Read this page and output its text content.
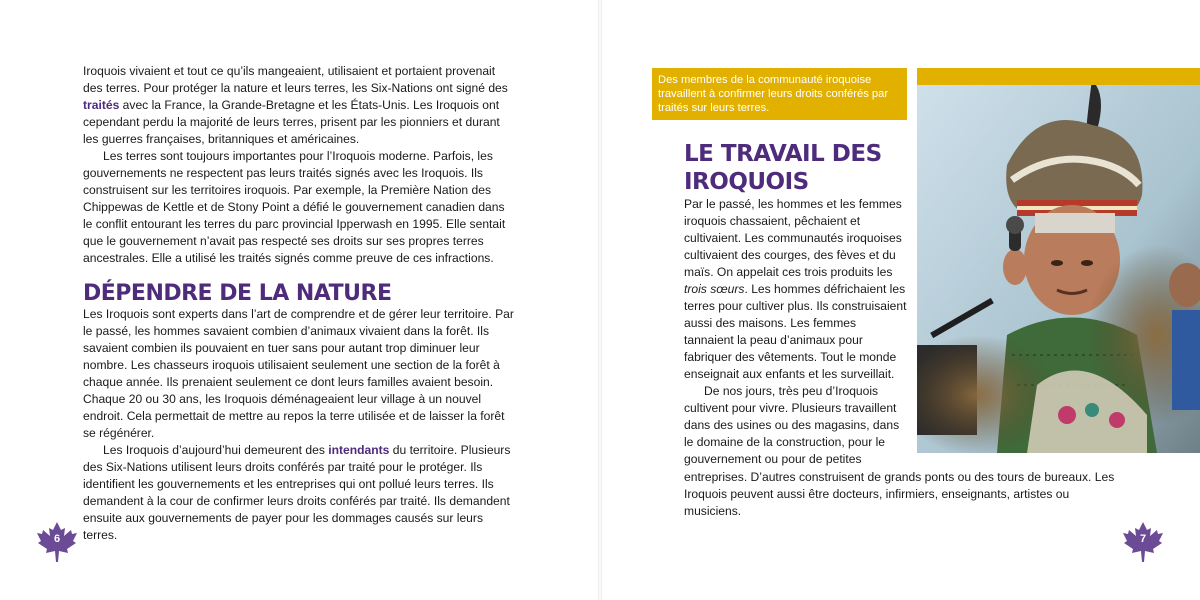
Iroquois vivaient et tout ce qu’ils mangeaient, utilisaient et portaient provenait des terres. Pour protéger la nature et leurs terres, les Six-Nations ont signé des traités avec la France, la Grande-Bretagne et les États-Unis. Les Iroquois ont cependant perdu la majorité de leurs terres, prisent par les pionniers et durant les guerres françaises, britanniques et américaines.
Les terres sont toujours importantes pour l’Iroquois moderne. Parfois, les gouvernements ne respectent pas leurs traités signés avec les Iroquois. Ils construisent sur les territoires iroquois. Par exemple, la Première Nation des Chippewas de Kettle et de Stony Point a défié le gouvernement canadien dans le conflit entourant les terres du parc provincial Ipperwash en 1995. Elle sentait que le gouvernement n’avait pas respecté ses droits sur ses propres terres ancestrales. Elle a utilisé les traités signés comme preuve de ces infractions.

DÉPENDRE DE LA NATURE

Les Iroquois sont experts dans l’art de comprendre et de gérer leur territoire. Par le passé, les hommes savaient combien d’animaux vivaient dans la forêt. Ils savaient combien ils pouvaient en tuer sans pour autant trop diminuer leur nombre. Les chasseurs iroquois utilisaient seulement une section de la forêt à chaque année. Ils prenaient seulement ce dont leurs familles avaient besoin. Chaque 20 ou 30 ans, les Iroquois déménageaient leur village à un nouvel endroit. Cela permettait de mettre au repos la terre utilisée et de laisser la forêt se régénérer.
Les Iroquois d’aujourd’hui demeurent des intendants du territoire. Plusieurs des Six-Nations utilisent leurs droits conférés par traité pour le protéger. Ils identifient les gouvernements et les entreprises qui ont pollué leurs terres. Ils demandent à la cour de confirmer leurs droits conférés par traité. Ils demandent ensuite aux gouvernements de payer pour les dommages causés sur leurs terres.

6
Des membres de la communauté iroquoise travaillent à confirmer leurs droits conférés par traités sur leurs terres.
LE TRAVAIL DES IROQUOIS

Par le passé, les hommes et les femmes iroquois chassaient, pêchaient et cultivaient. Les communautés iroquoises cultivaient des courges, des fèves et du maïs. On appelait ces trois produits les trois sœurs. Les hommes défrichaient les terres pour cultiver plus. Ils construisaient aussi des maisons. Les femmes tannaient la peau d’animaux pour fabriquer des vêtements. Tout le monde enseignait aux enfants et les surveillait.
De nos jours, très peu d’Iroquois cultivent pour vivre. Plusieurs travaillent dans des usines ou des magasins, dans le domaine de la construction, pour le gouvernement ou pour de petites

entreprises. D’autres construisent de grands ponts ou des tours de bureaux. Les Iroquois peuvent aussi être docteurs, infirmiers, enseignants, artistes ou musiciens.

7
